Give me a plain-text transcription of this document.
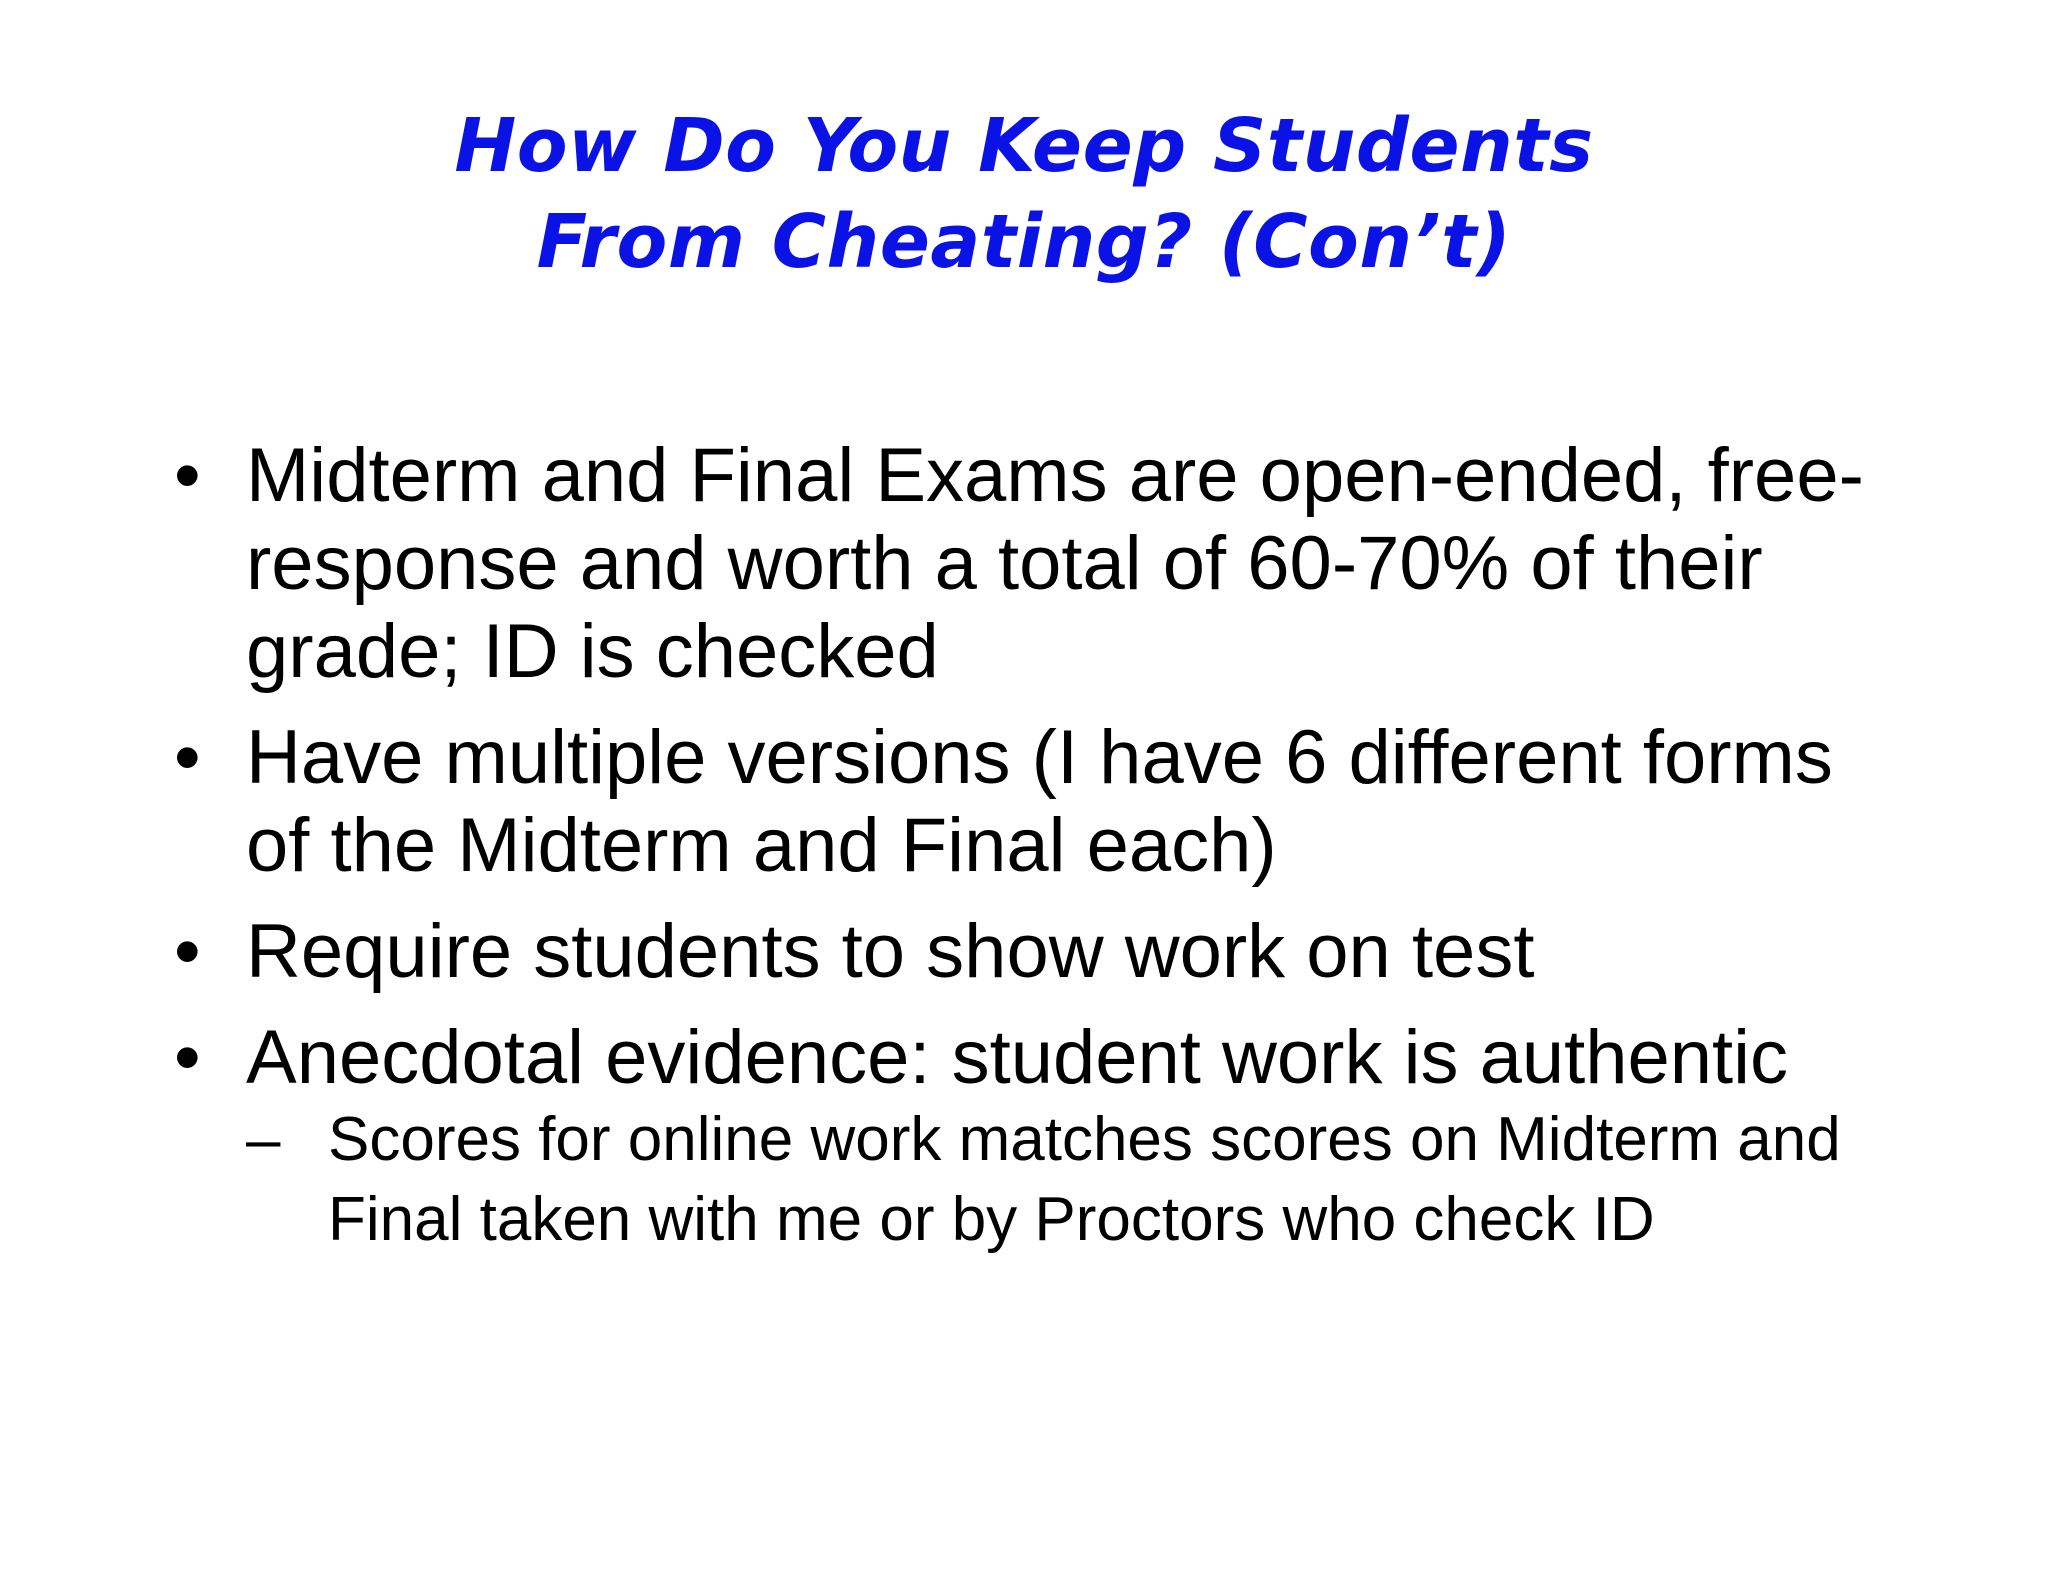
How Do You Keep Students
From Cheating? (Con’t)
• Midterm and Final Exams are open-ended, free-
response and worth a total of 60-70% of their
grade; ID is checked
• Have multiple versions (I have 6 different forms
of the Midterm and Final each)
• Require students to show work on test
• Anecdotal evidence: student work is authentic
– Scores for online work matches scores on Midterm and
Final taken with me or by Proctors who check ID
